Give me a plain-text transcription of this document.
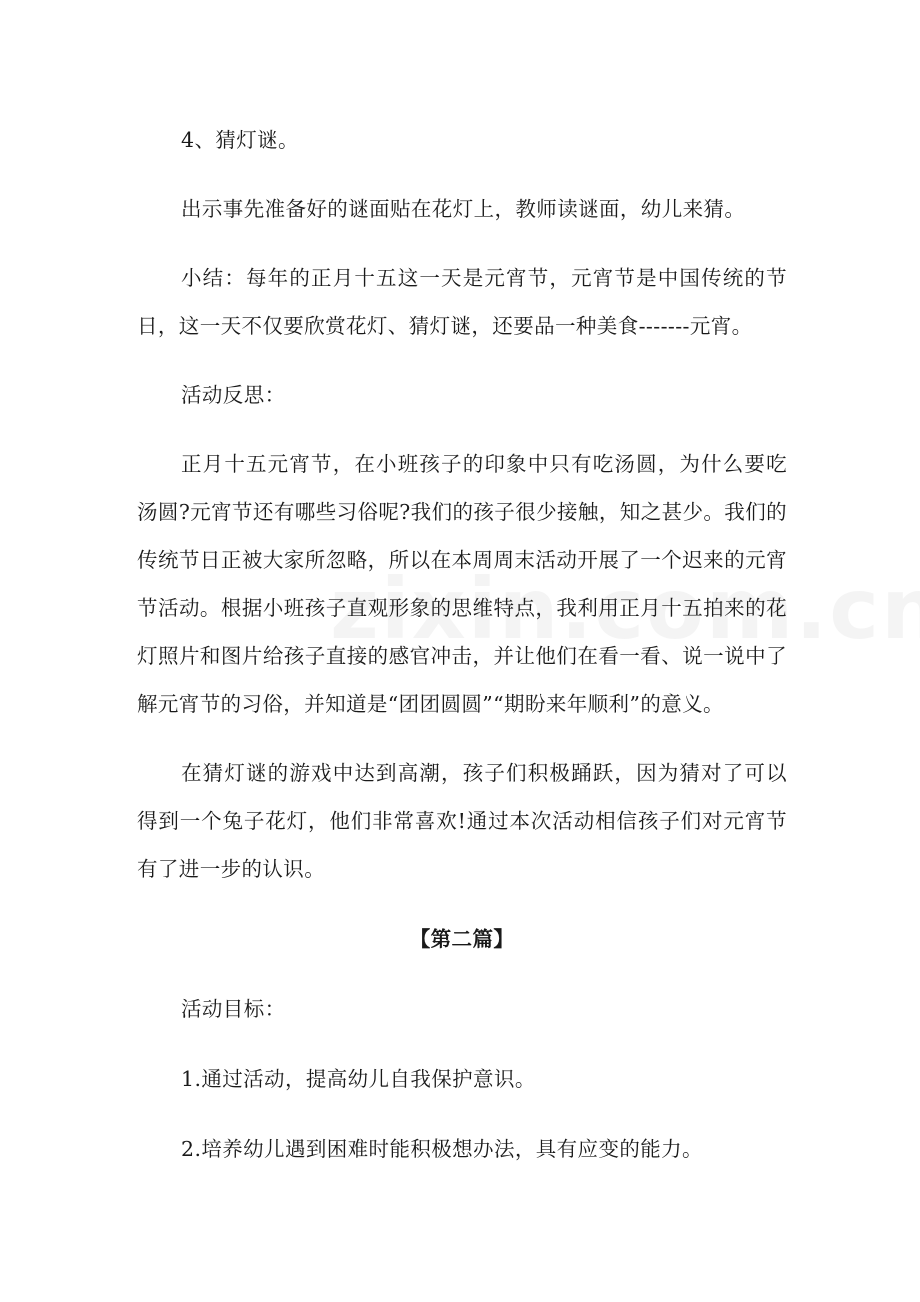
4、猜灯谜。

出示事先准备好的谜面贴在花灯上，教师读谜面，幼儿来猜。

小结：每年的正月十五这一天是元宵节，元宵节是中国传统的节日，这一天不仅要欣赏花灯、猜灯谜，还要品一种美食-------元宵。

活动反思：

正月十五元宵节，在小班孩子的印象中只有吃汤圆，为什么要吃汤圆?元宵节还有哪些习俗呢?我们的孩子很少接触，知之甚少。我们的传统节日正被大家所忽略，所以在本周周末活动开展了一个迟来的元宵节活动。根据小班孩子直观形象的思维特点，我利用正月十五拍来的花灯照片和图片给孩子直接的感官冲击，并让他们在看一看、说一说中了解元宵节的习俗，并知道是“团团圆圆”“期盼来年顺利”的意义。

在猜灯谜的游戏中达到高潮，孩子们积极踊跃，因为猜对了可以得到一个兔子花灯，他们非常喜欢!通过本次活动相信孩子们对元宵节有了进一步的认识。

【第二篇】

活动目标：

1.通过活动，提高幼儿自我保护意识。

2.培养幼儿遇到困难时能积极想办法，具有应变的能力。
